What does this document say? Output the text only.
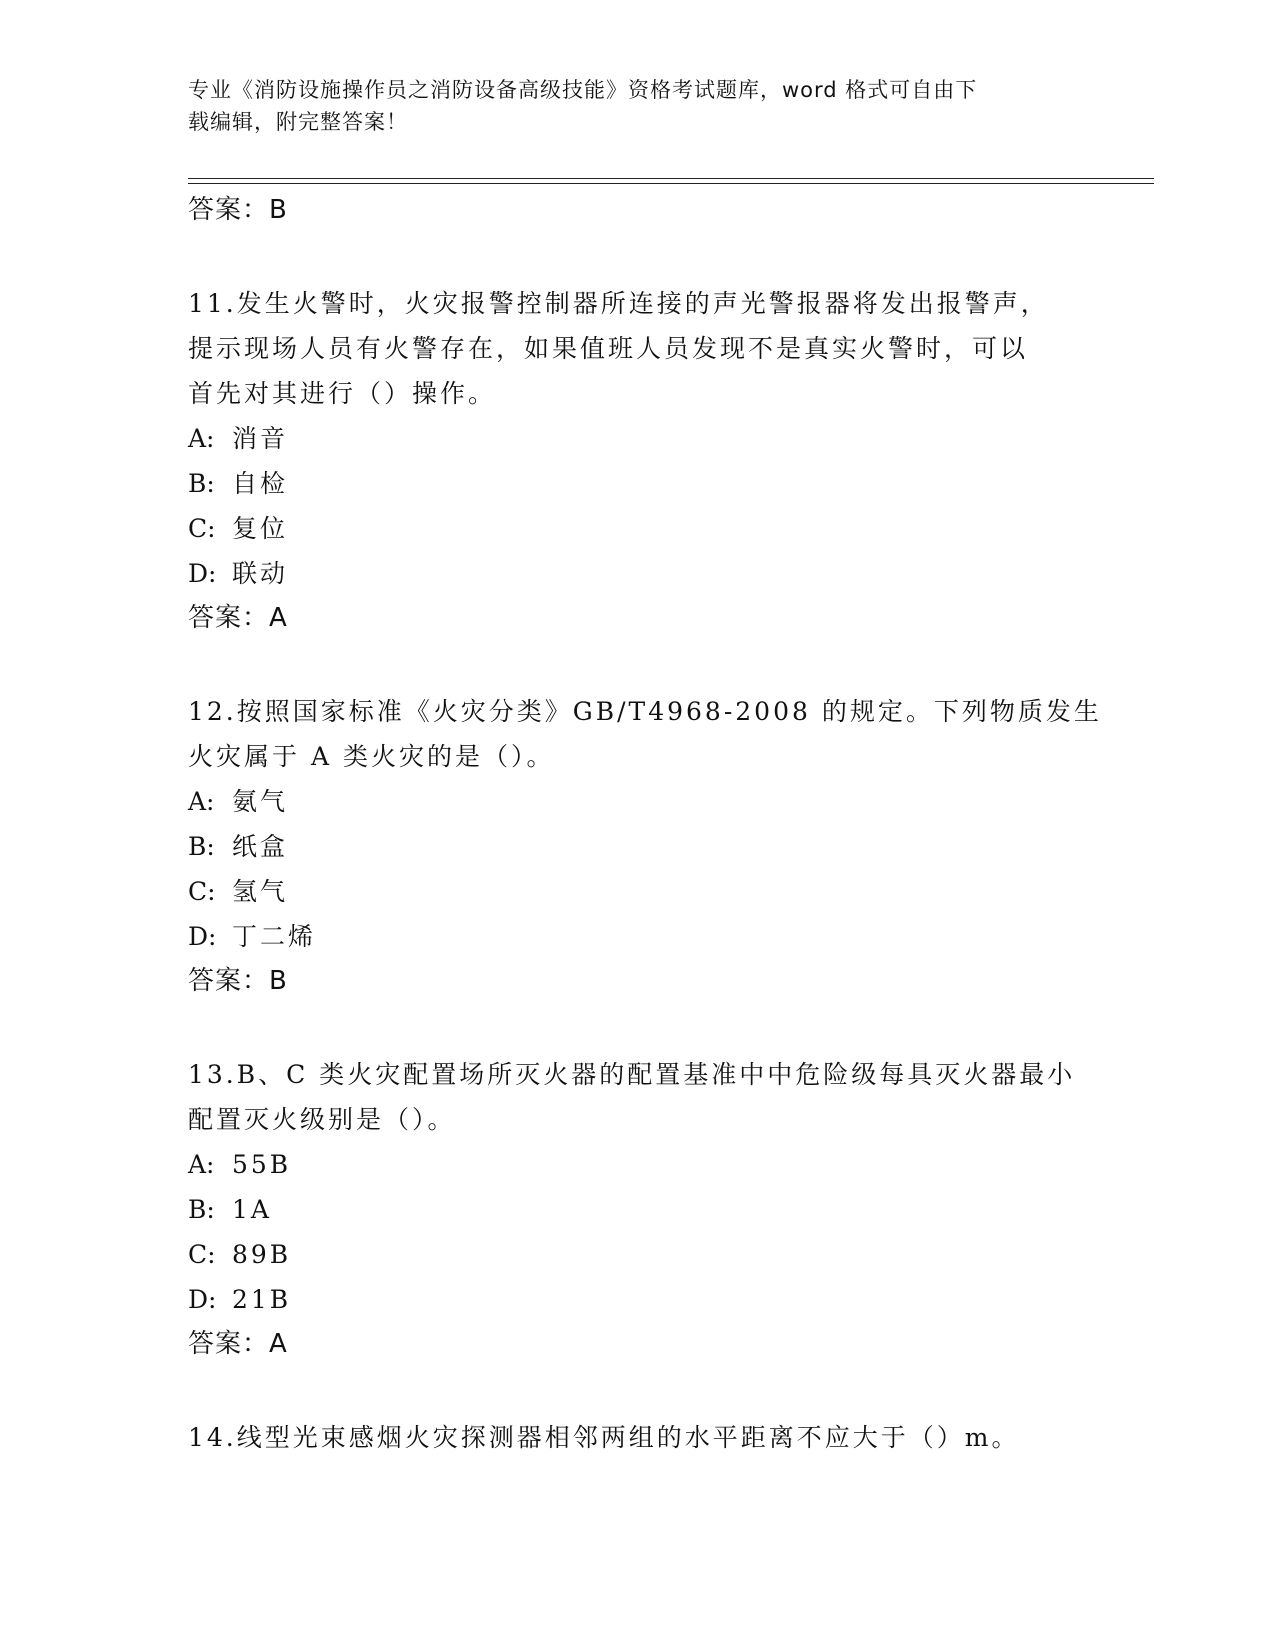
专业《消防设施操作员之消防设备高级技能》资格考试题库，word 格式可自由下
载编辑，附完整答案！
答案：B
11.发生火警时，火灾报警控制器所连接的声光警报器将发出报警声，
提示现场人员有火警存在，如果值班人员发现不是真实火警时，可以
首先对其进行（）操作。
A: 消音
B: 自检
C: 复位
D: 联动
答案：A
12.按照国家标准《火灾分类》GB/T4968-2008 的规定。下列物质发生
火灾属于 A 类火灾的是（）。
A: 氨气
B: 纸盒
C: 氢气
D: 丁二烯
答案：B
13.B、C 类火灾配置场所灭火器的配置基准中中危险级每具灭火器最小
配置灭火级别是（）。
A: 55B
B: 1A
C: 89B
D: 21B
答案：A
14.线型光束感烟火灾探测器相邻两组的水平距离不应大于（）m。
